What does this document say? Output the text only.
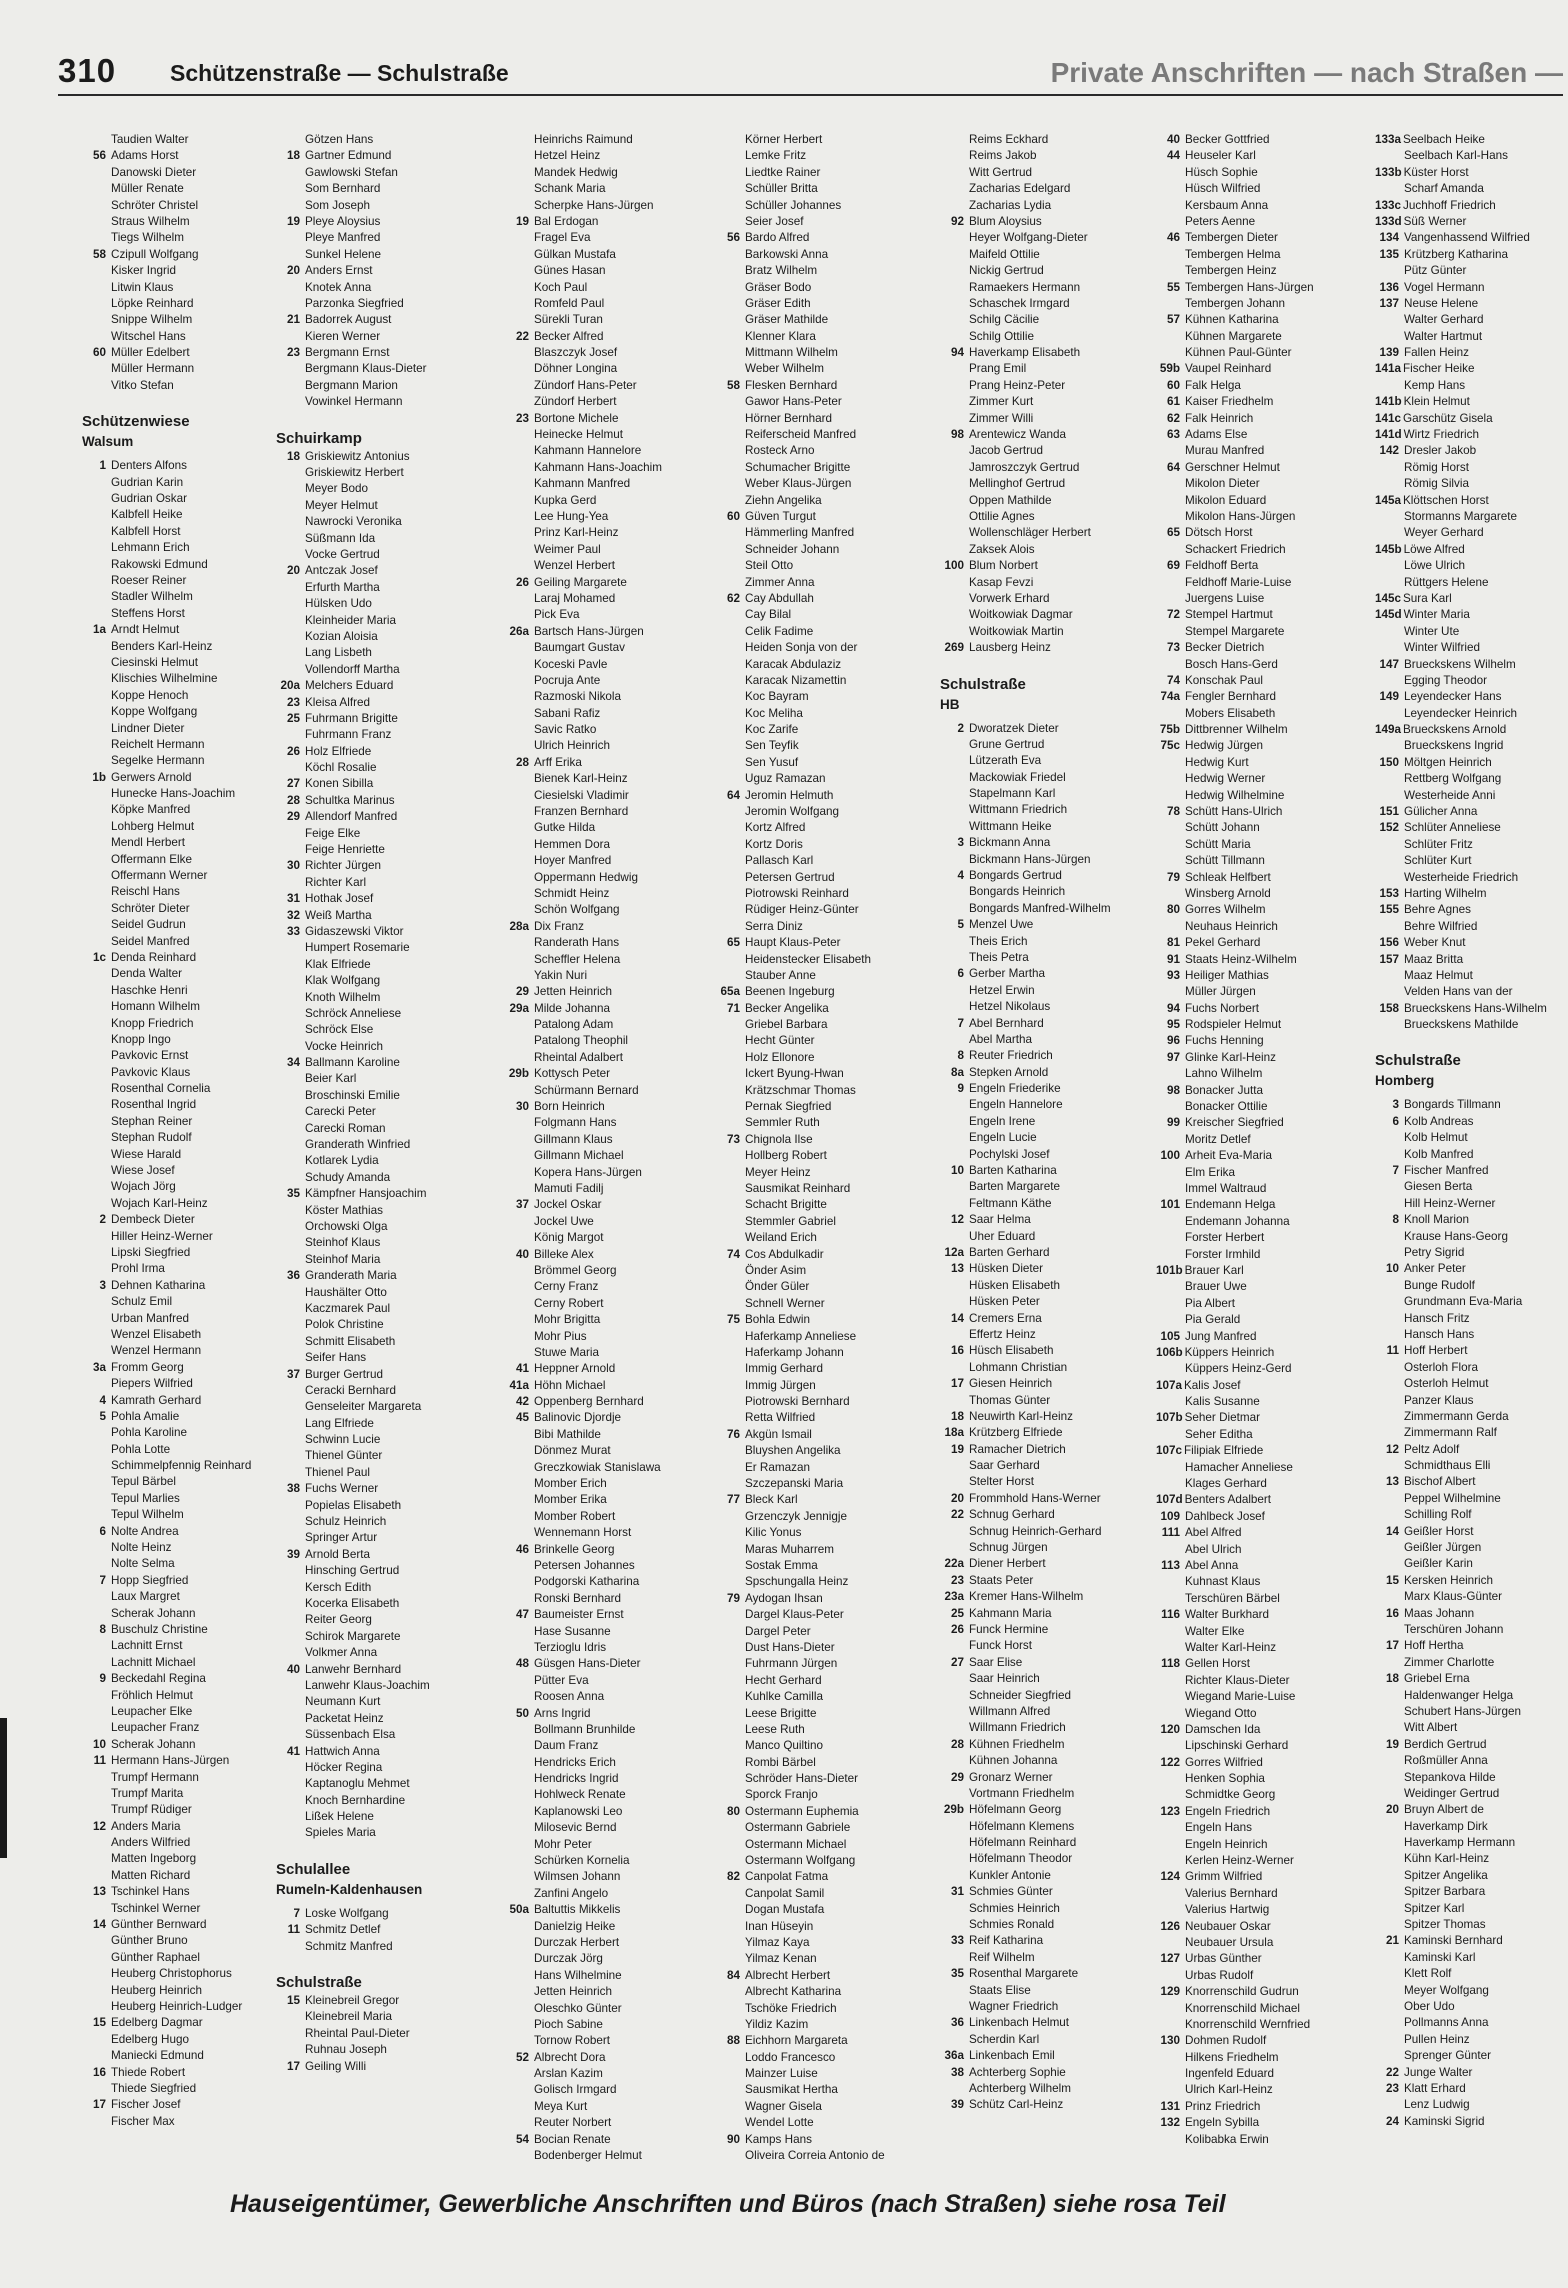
310 Schützenstraße — Schulstraße	Private Anschriften — nach Straßen —
Taudien Walter
56 Adams Horst
Danowski Dieter
Müller Renate
Schröter Christel
Straus Wilhelm
Tiegs Wilhelm
58 Czipull Wolfgang
Kisker Ingrid
Litwin Klaus
Löpke Reinhard
Snippe Wilhelm
Witschel Hans
60 Müller Edelbert
Müller Hermann
Vitko Stefan
Schützenwiese
Walsum
1 Denters Alfons
Gudrian Karin
Gudrian Oskar
Kalbfell Heike
Kalbfell Horst
Lehmann Erich
Rakowski Edmund
Roeser Reiner
Stadler Wilhelm
Steffens Horst
1a Arndt Helmut
Benders Karl-Heinz
Ciesinski Helmut
Klischies Wilhelmine
Koppe Henoch
Koppe Wolfgang
Lindner Dieter
Reichelt Hermann
Segelke Hermann
1b Gerwers Arnold
Hunecke Hans-Joachim
Köpke Manfred
Lohberg Helmut
Mendl Herbert
Offermann Elke
Offermann Werner
Reischl Hans
Schröter Dieter
Seidel Gudrun
Seidel Manfred
1c Denda Reinhard
Denda Walter
Haschke Henri
Homann Wilhelm
Knopp Friedrich
Knopp Ingo
Pavkovic Ernst
Pavkovic Klaus
Rosenthal Cornelia
Rosenthal Ingrid
Stephan Reiner
Stephan Rudolf
Wiese Harald
Wiese Josef
Wojach Jörg
Wojach Karl-Heinz
2 Dembeck Dieter
Hiller Heinz-Werner
Lipski Siegfried
Prohl Irma
3 Dehnen Katharina
Schulz Emil
Urban Manfred
Wenzel Elisabeth
Wenzel Hermann
3a Fromm Georg
Piepers Wilfried
4 Kamrath Gerhard
5 Pohla Amalie
Pohla Karoline
Pohla Lotte
Schimmelpfennig Reinhard
Tepul Bärbel
Tepul Marlies
Tepul Wilhelm
6 Nolte Andrea
Nolte Heinz
Nolte Selma
7 Hopp Siegfried
Laux Margret
Scherak Johann
8 Buschulz Christine
Lachnitt Ernst
Lachnitt Michael
9 Beckedahl Regina
Fröhlich Helmut
Leupacher Elke
Leupacher Franz
10 Scherak Johann
11 Hermann Hans-Jürgen
Trumpf Hermann
Trumpf Marita
Trumpf Rüdiger
12 Anders Maria
Anders Wilfried
Matten Ingeborg
Matten Richard
13 Tschinkel Hans
Tschinkel Werner
14 Günther Bernward
Günther Bruno
Günther Raphael
Heuberg Christophorus
Heuberg Heinrich
Heuberg Heinrich-Ludger
15 Edelberg Dagmar
Edelberg Hugo
Maniecki Edmund
16 Thiede Robert
Thiede Siegfried
17 Fischer Josef
Fischer Max
Götzen Hans
18 Gartner Edmund
Gawlowski Stefan
Som Bernhard
Som Joseph
19 Pleye Aloysius
Pleye Manfred
Sunkel Helene
20 Anders Ernst
Knotek Anna
Parzonka Siegfried
21 Badorrek August
Kieren Werner
23 Bergmann Ernst
Bergmann Klaus-Dieter
Bergmann Marion
Vowinkel Hermann
Schuirkamp
18 Griskiewitz Antonius
Griskiewitz Herbert
Meyer Bodo
Meyer Helmut
Nawrocki Veronika
Süßmann Ida
Vocke Gertrud
20 Antczak Josef
Erfurth Martha
Hülsken Udo
Kleinheider Maria
Kozian Aloisia
Lang Lisbeth
Vollendorff Martha
20a Melchers Eduard
23 Kleisa Alfred
25 Fuhrmann Brigitte
Fuhrmann Franz
26 Holz Elfriede
Köchl Rosalie
27 Konen Sibilla
28 Schultka Marinus
29 Allendorf Manfred
Feige Elke
Feige Henriette
30 Richter Jürgen
Richter Karl
31 Hothak Josef
32 Weiß Martha
33 Gidaszewski Viktor
Humpert Rosemarie
Klak Elfriede
Klak Wolfgang
Knoth Wilhelm
Schröck Anneliese
Schröck Else
Vocke Heinrich
34 Ballmann Karoline
Beier Karl
Broschinski Emilie
Carecki Peter
Carecki Roman
Granderath Winfried
Kotlarek Lydia
Schudy Amanda
35 Kämpfner Hansjoachim
Köster Mathias
Orchowski Olga
Steinhof Klaus
Steinhof Maria
36 Granderath Maria
Haushälter Otto
Kaczmarek Paul
Polok Christine
Schmitt Elisabeth
Seifer Hans
37 Burger Gertrud
Ceracki Bernhard
Genseleiter Margareta
Lang Elfriede
Schwinn Lucie
Thienel Günter
Thienel Paul
38 Fuchs Werner
Popielas Elisabeth
Schulz Heinrich
Springer Artur
39 Arnold Berta
Hinsching Gertrud
Kersch Edith
Kocerka Elisabeth
Reiter Georg
Schirok Margarete
Volkmer Anna
40 Lanwehr Bernhard
Lanwehr Klaus-Joachim
Neumann Kurt
Packetat Heinz
Süssenbach Elsa
41 Hattwich Anna
Höcker Regina
Kaptanoglu Mehmet
Knoch Bernhardine
Lißek Helene
Spieles Maria
Schulallee
Rumeln-Kaldenhausen
7 Loske Wolfgang
11 Schmitz Detlef
Schmitz Manfred
Schulstraße
15 Kleinebreil Gregor
Kleinebreil Maria
Rheintal Paul-Dieter
Ruhnau Joseph
17 Geiling Willi
Heinrichs Raimund
Hetzel Heinz
Mandek Hedwig
Schank Maria
Scherpke Hans-Jürgen
19 Bal Erdogan
Fragel Eva
Gülkan Mustafa
Günes Hasan
Koch Paul
Romfeld Paul
Sürekli Turan
22 Becker Alfred
Blaszczyk Josef
Döhner Longina
Zündorf Hans-Peter
Zündorf Herbert
23 Bortone Michele
Heinecke Helmut
Kahmann Hannelore
Kahmann Hans-Joachim
Kahmann Manfred
Kupka Gerd
Lee Hung-Yea
Prinz Karl-Heinz
Weimer Paul
Wenzel Herbert
26 Geiling Margarete
Laraj Mohamed
Pick Eva
26a Bartsch Hans-Jürgen
Baumgart Gustav
Koceski Pavle
Pocruja Ante
Razmoski Nikola
Sabani Rafiz
Savic Ratko
Ulrich Heinrich
28 Arff Erika
Bienek Karl-Heinz
Ciesielski Vladimir
Franzen Bernhard
Gutke Hilda
Hemmen Dora
Hoyer Manfred
Oppermann Hedwig
Schmidt Heinz
Schön Wolfgang
28a Dix Franz
Randerath Hans
Scheffler Helena
Yakin Nuri
29 Jetten Heinrich
29a Milde Johanna
Patalong Adam
Patalong Theophil
Rheintal Adalbert
29b Kottysch Peter
Schürmann Bernard
30 Born Heinrich
Folgmann Hans
Gillmann Klaus
Gillmann Michael
Kopera Hans-Jürgen
Mamuti Fadilj
37 Jockel Oskar
Jockel Uwe
König Margot
40 Billeke Alex
Brömmel Georg
Cerny Franz
Cerny Robert
Mohr Brigitta
Mohr Pius
Stuwe Maria
41 Heppner Arnold
41a Höhn Michael
42 Oppenberg Bernhard
45 Balinovic Djordje
Bibi Mathilde
Dönmez Murat
Greczkowiak Stanislawa
Momber Erich
Momber Erika
Momber Robert
Wennemann Horst
46 Brinkelle Georg
Petersen Johannes
Podgorski Katharina
Ronski Bernhard
47 Baumeister Ernst
Hase Susanne
Terzioglu Idris
48 Güsgen Hans-Dieter
Pütter Eva
Roosen Anna
50 Arns Ingrid
Bollmann Brunhilde
Daum Franz
Hendricks Erich
Hendricks Ingrid
Hohlweck Renate
Kaplanowski Leo
Milosevic Bernd
Mohr Peter
Schürken Kornelia
Wilmsen Johann
Zanfini Angelo
50a Baltuttis Mikkelis
Danielzig Heike
Durczak Herbert
Durczak Jörg
Hans Wilhelmine
Jetten Heinrich
Oleschko Günter
Pioch Sabine
Tornow Robert
52 Albrecht Dora
Arslan Kazim
Golisch Irmgard
Meya Kurt
Reuter Norbert
54 Bocian Renate
Bodenberger Helmut
Körner Herbert
Lemke Fritz
Liedtke Rainer
Schüller Britta
Schüller Johannes
Seier Josef
56 Bardo Alfred
Barkowski Anna
Bratz Wilhelm
Gräser Bodo
Gräser Edith
Gräser Mathilde
Klenner Klara
Mittmann Wilhelm
Weber Wilhelm
58 Flesken Bernhard
Gawor Hans-Peter
Hörner Bernhard
Reiferscheid Manfred
Rosteck Arno
Schumacher Brigitte
Weber Klaus-Jürgen
Ziehn Angelika
60 Güven Turgut
Hämmerling Manfred
Schneider Johann
Steil Otto
Zimmer Anna
62 Cay Abdullah
Cay Bilal
Celik Fadime
Heiden Sonja von der
Karacak Abdulaziz
Karacak Nizamettin
Koc Bayram
Koc Meliha
Koc Zarife
Sen Teyfik
Sen Yusuf
Uguz Ramazan
64 Jeromin Helmuth
Jeromin Wolfgang
Kortz Alfred
Kortz Doris
Pallasch Karl
Petersen Gertrud
Piotrowski Reinhard
Rüdiger Heinz-Günter
Serra Diniz
65 Haupt Klaus-Peter
Heidenstecker Elisabeth
Stauber Anne
65a Beenen Ingeburg
71 Becker Angelika
Griebel Barbara
Hecht Günter
Holz Ellonore
Ickert Byung-Hwan
Krätzschmar Thomas
Pernak Siegfried
Semmler Ruth
73 Chignola Ilse
Hollberg Robert
Meyer Heinz
Sausmikat Reinhard
Schacht Brigitte
Stemmler Gabriel
Weiland Erich
74 Cos Abdulkadir
Önder Asim
Önder Güler
Schnell Werner
75 Bohla Edwin
Haferkamp Anneliese
Haferkamp Johann
Immig Gerhard
Immig Jürgen
Piotrowski Bernhard
Retta Wilfried
76 Akgün Ismail
Bluyshen Angelika
Er Ramazan
Szczepanski Maria
77 Bleck Karl
Grzenczyk Jennigje
Kilic Yonus
Maras Muharrem
Sostak Emma
Spschungalla Heinz
79 Aydogan Ihsan
Dargel Klaus-Peter
Dargel Peter
Dust Hans-Dieter
Fuhrmann Jürgen
Hecht Gerhard
Kuhlke Camilla
Leese Brigitte
Leese Ruth
Manco Quiltino
Rombi Bärbel
Schröder Hans-Dieter
Sporck Franjo
80 Ostermann Euphemia
Ostermann Gabriele
Ostermann Michael
Ostermann Wolfgang
82 Canpolat Fatma
Canpolat Samil
Dogan Mustafa
Inan Hüseyin
Yilmaz Kaya
Yilmaz Kenan
84 Albrecht Herbert
Albrecht Katharina
Tschöke Friedrich
Yildiz Kazim
88 Eichhorn Margareta
Loddo Francesco
Mainzer Luise
Sausmikat Hertha
Wagner Gisela
Wendel Lotte
90 Kamps Hans
Oliveira Correia Antonio de
Reims Eckhard
Reims Jakob
Witt Gertrud
Zacharias Edelgard
Zacharias Lydia
92 Blum Aloysius
Heyer Wolfgang-Dieter
Maifeld Ottilie
Nickig Gertrud
Ramaekers Hermann
Schaschek Irmgard
Schilg Cäcilie
Schilg Ottilie
94 Haverkamp Elisabeth
Prang Emil
Prang Heinz-Peter
Zimmer Kurt
Zimmer Willi
98 Arentewicz Wanda
Jacob Gertrud
Jamroszczyk Gertrud
Mellinghof Gertrud
Oppen Mathilde
Ottilie Agnes
Wollenschläger Herbert
Zaksek Alois
100 Blum Norbert
Kasap Fevzi
Vorwerk Erhard
Woitkowiak Dagmar
Woitkowiak Martin
269 Lausberg Heinz
Schulstraße
HB
2 Dworatzek Dieter
Grune Gertrud
Lützerath Eva
Mackowiak Friedel
Stapelmann Karl
Wittmann Friedrich
Wittmann Heike
3 Bickmann Anna
Bickmann Hans-Jürgen
4 Bongards Gertrud
Bongards Heinrich
Bongards Manfred-Wilhelm
5 Menzel Uwe
Theis Erich
Theis Petra
6 Gerber Martha
Hetzel Erwin
Hetzel Nikolaus
7 Abel Bernhard
Abel Martha
8 Reuter Friedrich
8a Stepken Arnold
9 Engeln Friederike
Engeln Hannelore
Engeln Irene
Engeln Lucie
Pochylski Josef
10 Barten Katharina
Barten Margarete
Feltmann Käthe
12 Saar Helma
Uher Eduard
12a Barten Gerhard
13 Hüsken Dieter
Hüsken Elisabeth
Hüsken Peter
14 Cremers Erna
Effertz Heinz
16 Hüsch Elisabeth
Lohmann Christian
17 Giesen Heinrich
Thomas Günter
18 Neuwirth Karl-Heinz
18a Krützberg Elfriede
19 Ramacher Dietrich
Saar Gerhard
Stelter Horst
20 Frommhold Hans-Werner
22 Schnug Gerhard
Schnug Heinrich-Gerhard
Schnug Jürgen
22a Diener Herbert
23 Staats Peter
23a Kremer Hans-Wilhelm
25 Kahmann Maria
26 Funck Hermine
Funck Horst
27 Saar Elise
Saar Heinrich
Schneider Siegfried
Willmann Alfred
Willmann Friedrich
28 Kühnen Friedhelm
Kühnen Johanna
29 Gronarz Werner
Vortmann Friedhelm
29b Höfelmann Georg
Höfelmann Klemens
Höfelmann Reinhard
Höfelmann Theodor
Kunkler Antonie
31 Schmies Günter
Schmies Heinrich
Schmies Ronald
33 Reif Katharina
Reif Wilhelm
35 Rosenthal Margarete
Staats Elise
Wagner Friedrich
36 Linkenbach Helmut
Scherdin Karl
36a Linkenbach Emil
38 Achterberg Sophie
Achterberg Wilhelm
39 Schütz Carl-Heinz
40 Becker Gottfried
44 Heuseler Karl
Hüsch Sophie
Hüsch Wilfried
Kersbaum Anna
Peters Aenne
46 Tembergen Dieter
Tembergen Helma
Tembergen Heinz
55 Tembergen Hans-Jürgen
Tembergen Johann
57 Kühnen Katharina
Kühnen Margarete
Kühnen Paul-Günter
59b Vaupel Reinhard
60 Falk Helga
61 Kaiser Friedhelm
62 Falk Heinrich
63 Adams Else
Murau Manfred
64 Gerschner Helmut
Mikolon Dieter
Mikolon Eduard
Mikolon Hans-Jürgen
65 Dötsch Horst
Schackert Friedrich
69 Feldhoff Berta
Feldhoff Marie-Luise
Juergens Luise
72 Stempel Hartmut
Stempel Margarete
73 Becker Dietrich
Bosch Hans-Gerd
74 Konschak Paul
74a Fengler Bernhard
Mobers Elisabeth
75b Dittbrenner Wilhelm
75c Hedwig Jürgen
Hedwig Kurt
Hedwig Werner
Hedwig Wilhelmine
78 Schütt Hans-Ulrich
Schütt Johann
Schütt Maria
Schütt Tillmann
79 Schleak Helfbert
Winsberg Arnold
80 Gorres Wilhelm
Neuhaus Heinrich
81 Pekel Gerhard
91 Staats Heinz-Wilhelm
93 Heiliger Mathias
Müller Jürgen
94 Fuchs Norbert
95 Rodspieler Helmut
96 Fuchs Henning
97 Glinke Karl-Heinz
Lahno Wilhelm
98 Bonacker Jutta
Bonacker Ottilie
99 Kreischer Siegfried
Moritz Detlef
100 Arheit Eva-Maria
Elm Erika
Immel Waltraud
101 Endemann Helga
Endemann Johanna
Forster Herbert
Forster Irmhild
101b Brauer Karl
Brauer Uwe
Pia Albert
Pia Gerald
105 Jung Manfred
106b Küppers Heinrich
Küppers Heinz-Gerd
107a Kalis Josef
Kalis Susanne
107b Seher Dietmar
Seher Editha
107c Filipiak Elfriede
Hamacher Anneliese
Klages Gerhard
107d Benters Adalbert
109 Dahlbeck Josef
111 Abel Alfred
Abel Ulrich
113 Abel Anna
Kuhnast Klaus
Terschüren Bärbel
116 Walter Burkhard
Walter Elke
Walter Karl-Heinz
118 Gellen Horst
Richter Klaus-Dieter
Wiegand Marie-Luise
Wiegand Otto
120 Damschen Ida
Lipschinski Gerhard
122 Gorres Wilfried
Henken Sophia
Schmidtke Georg
123 Engeln Friedrich
Engeln Hans
Engeln Heinrich
Kerlen Heinz-Werner
124 Grimm Wilfried
Valerius Bernhard
Valerius Hartwig
126 Neubauer Oskar
Neubauer Ursula
127 Urbas Günther
Urbas Rudolf
129 Knorrenschild Gudrun
Knorrenschild Michael
Knorrenschild Wernfried
130 Dohmen Rudolf
Hilkens Friedhelm
Ingenfeld Eduard
Ulrich Karl-Heinz
131 Prinz Friedrich
132 Engeln Sybilla
Kolibabka Erwin
133a Seelbach Heike
Seelbach Karl-Hans
133b Küster Horst
Scharf Amanda
133c Juchhoff Friedrich
133d Süß Werner
134 Vangenhassend Wilfried
135 Krützberg Katharina
Pütz Günter
136 Vogel Hermann
137 Neuse Helene
Walter Gerhard
Walter Hartmut
139 Fallen Heinz
141a Fischer Heike
Kemp Hans
141b Klein Helmut
141c Garschütz Gisela
141d Wirtz Friedrich
142 Dresler Jakob
Römig Horst
Römig Silvia
145a Klöttschen Horst
Stormanns Margarete
Weyer Gerhard
145b Löwe Alfred
Löwe Ulrich
Rüttgers Helene
145c Sura Karl
145d Winter Maria
Winter Ute
Winter Wilfried
147 Brueckskens Wilhelm
Egging Theodor
149 Leyendecker Hans
Leyendecker Heinrich
149a Brueckskens Arnold
Brueckskens Ingrid
150 Möltgen Heinrich
Rettberg Wolfgang
Westerheide Anni
151 Gülicher Anna
152 Schlüter Anneliese
Schlüter Fritz
Schlüter Kurt
Westerheide Friedrich
153 Harting Wilhelm
155 Behre Agnes
Behre Wilfried
156 Weber Knut
157 Maaz Britta
Maaz Helmut
Velden Hans van der
158 Brueckskens Hans-Wilhelm
Brueckskens Mathilde
Schulstraße
Homberg
3 Bongards Tillmann
6 Kolb Andreas
Kolb Helmut
Kolb Manfred
7 Fischer Manfred
Giesen Berta
Hill Heinz-Werner
8 Knoll Marion
Krause Hans-Georg
Petry Sigrid
10 Anker Peter
Bunge Rudolf
Grundmann Eva-Maria
Hansch Fritz
Hansch Hans
11 Hoff Herbert
Osterloh Flora
Osterloh Helmut
Panzer Klaus
Zimmermann Gerda
Zimmermann Ralf
12 Peltz Adolf
Schmidthaus Elli
13 Bischof Albert
Peppel Wilhelmine
Schilling Rolf
14 Geißler Horst
Geißler Jürgen
Geißler Karin
15 Kersken Heinrich
Marx Klaus-Günter
16 Maas Johann
Terschüren Johann
17 Hoff Hertha
Zimmer Charlotte
18 Griebel Erna
Haldenwanger Helga
Schubert Hans-Jürgen
Witt Albert
19 Berdich Gertrud
Roßmüller Anna
Stepankova Hilde
Weidinger Gertrud
20 Bruyn Albert de
Haverkamp Dirk
Haverkamp Hermann
Kühn Karl-Heinz
Spitzer Angelika
Spitzer Barbara
Spitzer Karl
Spitzer Thomas
21 Kaminski Bernhard
Kaminski Karl
Klett Rolf
Meyer Wolfgang
Ober Udo
Pollmanns Anna
Pullen Heinz
Sprenger Günter
22 Junge Walter
23 Klatt Erhard
Lenz Ludwig
24 Kaminski Sigrid
Hauseigentümer, Gewerbliche Anschriften und Büros (nach Straßen) siehe rosa Teil
